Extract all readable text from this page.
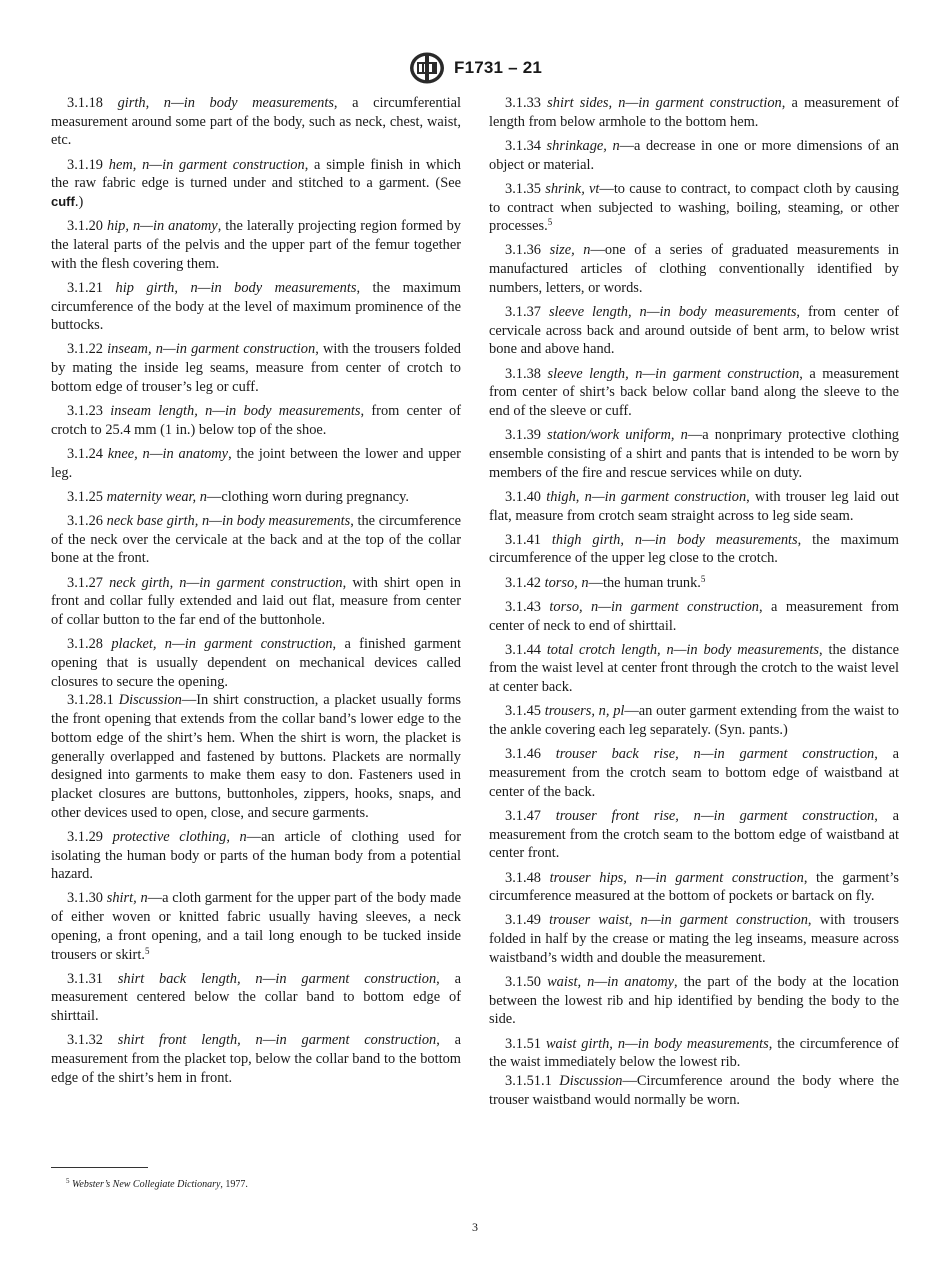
F1731 – 21

3.1.18 girth, n—in body measurements, a circumferential measurement around some part of the body, such as neck, chest, waist, etc.

3.1.19 hem, n—in garment construction, a simple finish in which the raw fabric edge is turned under and stitched to a garment. (See cuff.)

3.1.20 hip, n—in anatomy, the laterally projecting region formed by the lateral parts of the pelvis and the upper part of the femur together with the flesh covering them.

3.1.21 hip girth, n—in body measurements, the maximum circumference of the body at the level of maximum prominence of the buttocks.

3.1.22 inseam, n—in garment construction, with the trousers folded by mating the inside leg seams, measure from center of crotch to bottom edge of trouser’s leg or cuff.

3.1.23 inseam length, n—in body measurements, from center of crotch to 25.4 mm (1 in.) below top of the shoe.

3.1.24 knee, n—in anatomy, the joint between the lower and upper leg.

3.1.25 maternity wear, n—clothing worn during pregnancy.

3.1.26 neck base girth, n—in body measurements, the circumference of the neck over the cervicale at the back and at the top of the collar bone at the front.

3.1.27 neck girth, n—in garment construction, with shirt open in front and collar fully extended and laid out flat, measure from center of collar button to the far end of the buttonhole.

3.1.28 placket, n—in garment construction, a finished garment opening that is usually dependent on mechanical devices called closures to secure the opening.

3.1.28.1 Discussion—In shirt construction, a placket usually forms the front opening that extends from the collar band’s lower edge to the bottom edge of the shirt’s hem. When the shirt is worn, the placket is generally overlapped and fastened by buttons. Plackets are normally designed into garments to make them easy to don. Fasteners used in placket closures are buttons, buttonholes, zippers, hooks, snaps, and other devices used to open, close, and secure garments.

3.1.29 protective clothing, n—an article of clothing used for isolating the human body or parts of the human body from a potential hazard.

3.1.30 shirt, n—a cloth garment for the upper part of the body made of either woven or knitted fabric usually having sleeves, a neck opening, a front opening, and a tail long enough to be tucked inside trousers or skirt.$^5$

3.1.31 shirt back length, n—in garment construction, a measurement centered below the collar band to bottom edge of shirttail.

3.1.32 shirt front length, n—in garment construction, a measurement from the placket top, below the collar band to the bottom edge of the shirt’s hem in front.

3.1.33 shirt sides, n—in garment construction, a measurement of length from below armhole to the bottom hem.

3.1.34 shrinkage, n—a decrease in one or more dimensions of an object or material.

3.1.35 shrink, vt—to cause to contract, to compact cloth by causing to contract when subjected to washing, boiling, steaming, or other processes.$^5$

3.1.36 size, n—one of a series of graduated measurements in manufactured articles of clothing conventionally identified by numbers, letters, or words.

3.1.37 sleeve length, n—in body measurements, from center of cervicale across back and around outside of bent arm, to below wrist bone and above hand.

3.1.38 sleeve length, n—in garment construction, a measurement from center of shirt’s back below collar band along the sleeve to the end of the sleeve or cuff.

3.1.39 station/work uniform, n—a nonprimary protective clothing ensemble consisting of a shirt and pants that is intended to be worn by members of the fire and rescue services while on duty.

3.1.40 thigh, n—in garment construction, with trouser leg laid out flat, measure from crotch seam straight across to leg side seam.

3.1.41 thigh girth, n—in body measurements, the maximum circumference of the upper leg close to the crotch.

3.1.42 torso, n—the human trunk.$^5$

3.1.43 torso, n—in garment construction, a measurement from center of neck to end of shirttail.

3.1.44 total crotch length, n—in body measurements, the distance from the waist level at center front through the crotch to the waist level at center back.

3.1.45 trousers, n, pl—an outer garment extending from the waist to the ankle covering each leg separately. (Syn. pants.)

3.1.46 trouser back rise, n—in garment construction, a measurement from the crotch seam to bottom edge of waistband at center of the back.

3.1.47 trouser front rise, n—in garment construction, a measurement from the crotch seam to the bottom edge of waistband at center front.

3.1.48 trouser hips, n—in garment construction, the garment’s circumference measured at the bottom of pockets or bartack on fly.

3.1.49 trouser waist, n—in garment construction, with trousers folded in half by the crease or mating the leg inseams, measure across waistband’s width and double the measurement.

3.1.50 waist, n—in anatomy, the part of the body at the location between the lowest rib and hip identified by bending the body to the side.

3.1.51 waist girth, n—in body measurements, the circumference of the waist immediately below the lowest rib.

3.1.51.1 Discussion—Circumference around the body where the trouser waistband would normally be worn.

$^5$ Webster’s New Collegiate Dictionary, 1977.
3
